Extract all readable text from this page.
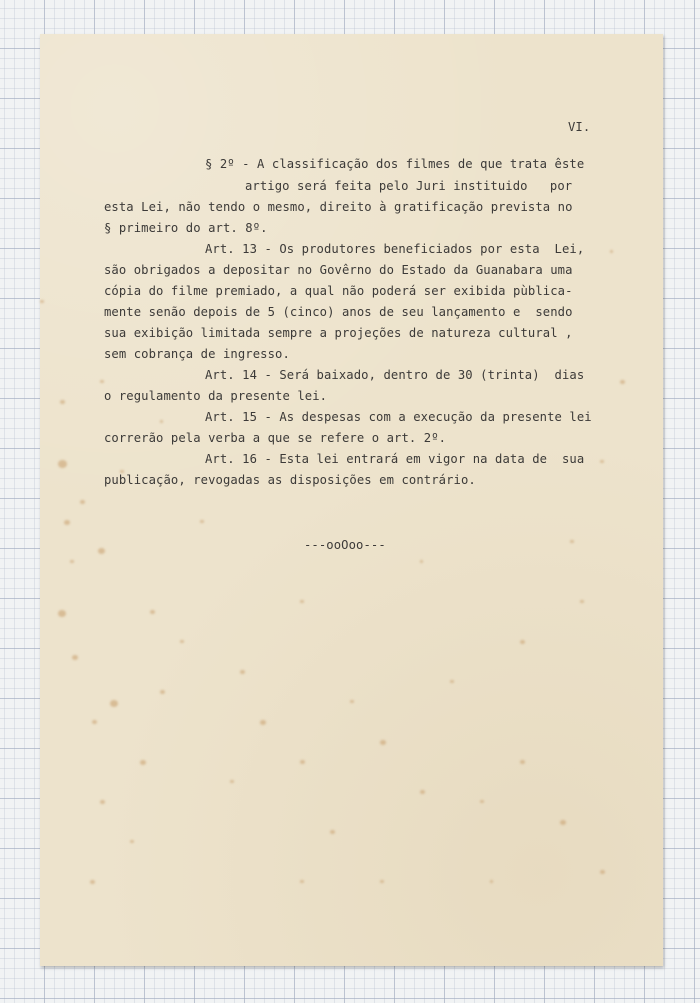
VI.
§ 2º - A classificação dos filmes de que trata êste
artigo será feita pelo Juri instituido   por
esta Lei, não tendo o mesmo, direito à gratificação prevista no
§ primeiro do art. 8º.
Art. 13 - Os produtores beneficiados por esta  Lei,
são obrigados a depositar no Govêrno do Estado da Guanabara uma
cópia do filme premiado, a qual não poderá ser exibida pùblica-
mente senão depois de 5 (cinco) anos de seu lançamento e  sendo
sua exibição limitada sempre a projeções de natureza cultural ,
sem cobrança de ingresso.
Art. 14 - Será baixado, dentro de 30 (trinta)  dias
o regulamento da presente lei.
Art. 15 - As despesas com a execução da presente lei
correrão pela verba a que se refere o art. 2º.
Art. 16 - Esta lei entrará em vigor na data de  sua
publicação, revogadas as disposições em contrário.
---ooOoo---
